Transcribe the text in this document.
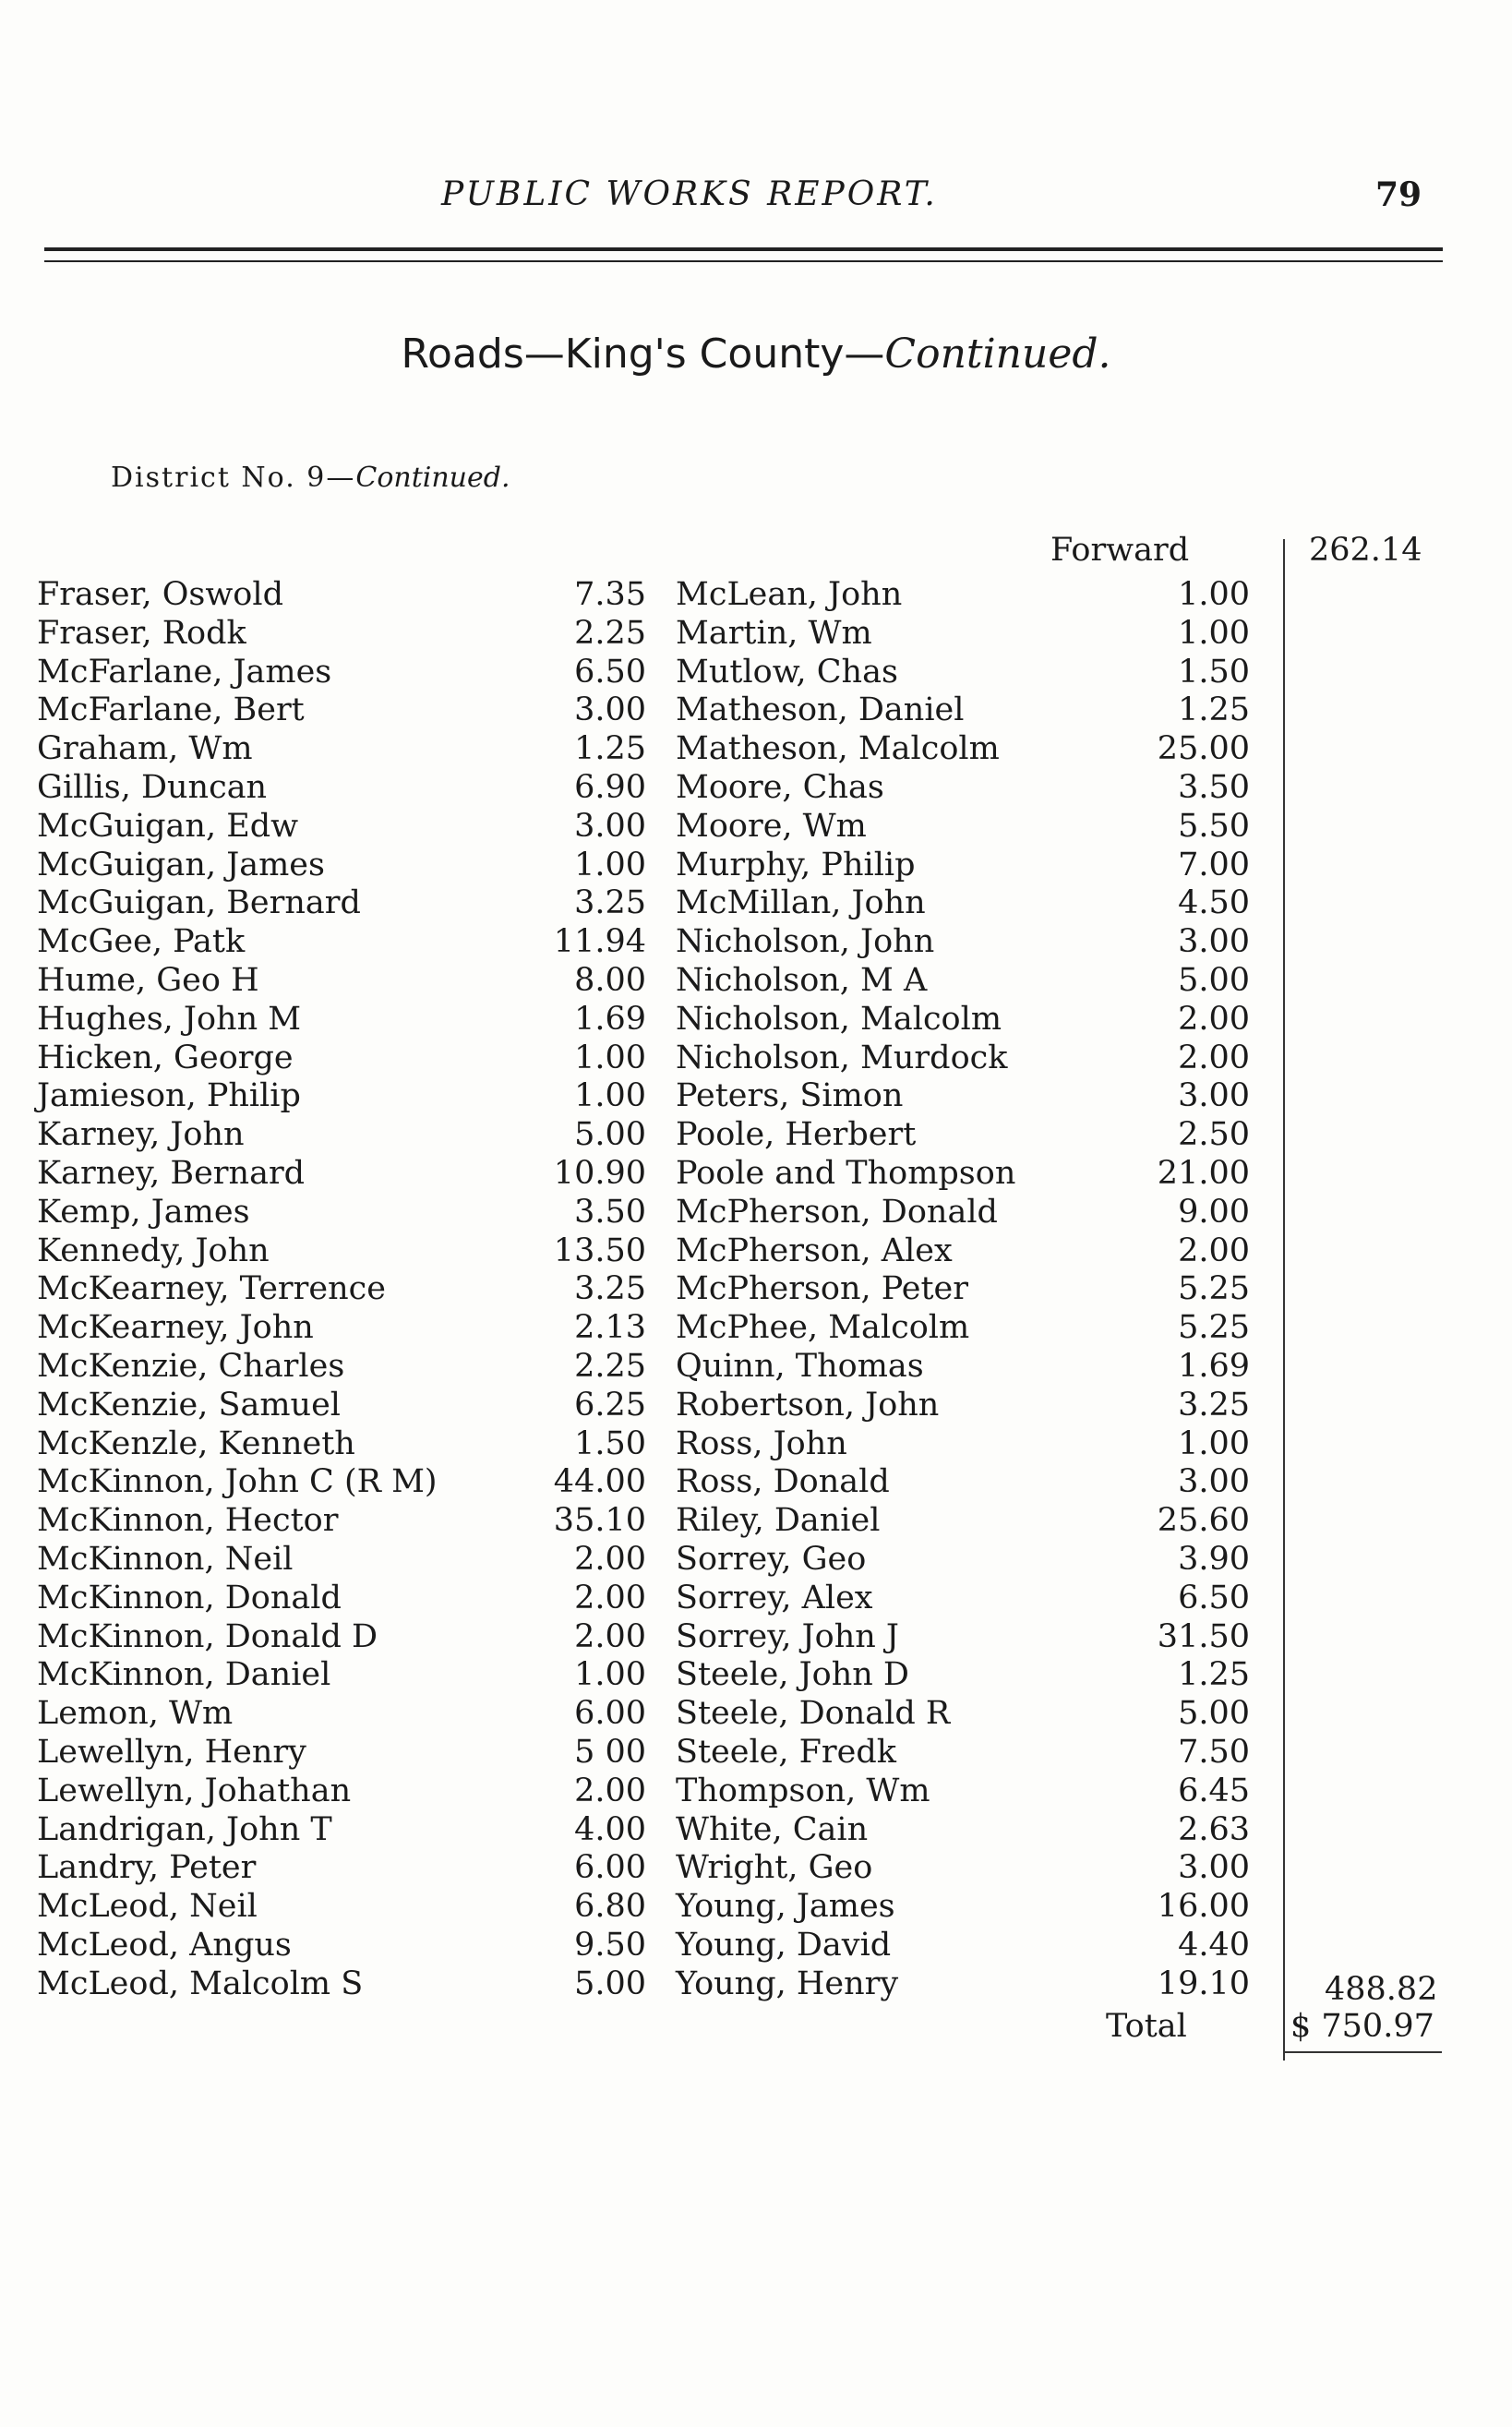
PUBLIC WORKS REPORT.	79
Roads—King's County—Continued.
District No. 9—Continued.
Forward	262.14
Fraser, Oswold	7.35
Fraser, Rodk	2.25
McFarlane, James	6.50
McFarlane, Bert	3.00
Graham, Wm	1.25
Gillis, Duncan	6.90
McGuigan, Edw	3.00
McGuigan, James	1.00
McGuigan, Bernard	3.25
McGee, Patk	11.94
Hume, Geo H	8.00
Hughes, John M	1.69
Hicken, George	1.00
Jamieson, Philip	1.00
Karney, John	5.00
Karney, Bernard	10.90
Kemp, James	3.50
Kennedy, John	13.50
McKearney, Terrence	3.25
McKearney, John	2.13
McKenzie, Charles	2.25
McKenzie, Samuel	6.25
McKenzle, Kenneth	1.50
McKinnon, John C (R M)	44.00
McKinnon, Hector	35.10
McKinnon, Neil	2.00
McKinnon, Donald	2.00
McKinnon, Donald D	2.00
McKinnon, Daniel	1.00
Lemon, Wm	6.00
Lewellyn, Henry	5 00
Lewellyn, Johathan	2.00
Landrigan, John T	4.00
Landry, Peter	6.00
McLeod, Neil	6.80
McLeod, Angus	9.50
McLeod, Malcolm S	5.00
McLean, John	1.00
Martin, Wm	1.00
Mutlow, Chas	1.50
Matheson, Daniel	1.25
Matheson, Malcolm	25.00
Moore, Chas	3.50
Moore, Wm	5.50
Murphy, Philip	7.00
McMillan, John	4.50
Nicholson, John	3.00
Nicholson, M A	5.00
Nicholson, Malcolm	2.00
Nicholson, Murdock	2.00
Peters, Simon	3.00
Poole, Herbert	2.50
Poole and Thompson	21.00
McPherson, Donald	9.00
McPherson, Alex	2.00
McPherson, Peter	5.25
McPhee, Malcolm	5.25
Quinn, Thomas	1.69
Robertson, John	3.25
Ross, John	1.00
Ross, Donald	3.00
Riley, Daniel	25.60
Sorrey, Geo	3.90
Sorrey, Alex	6.50
Sorrey, John J	31.50
Steele, John D	1.25
Steele, Donald R	5.00
Steele, Fredk	7.50
Thompson, Wm	6.45
White, Cain	2.63
Wright, Geo	3.00
Young, James	16.00
Young, David	4.40
Young, Henry	19.10 488.82
Total	$ 750.97
